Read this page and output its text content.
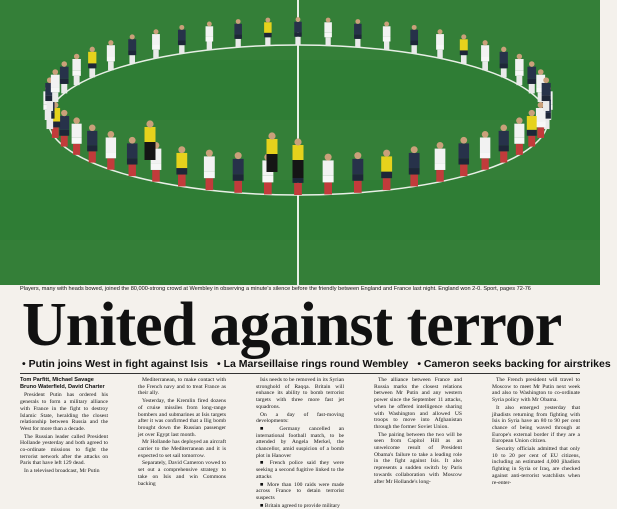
Players, many with heads bowed, joined the 80,000-strong crowd at Wembley in observing a minute's silence before the friendly between England and France last night. England won 2-0. Sport, pages 72-76
United against terror
• Putin joins West in fight against Isis • La Marseillaise rings round Wembley • Cameron seeks backing for airstrikes
Tom Parfitt, Michael Savage
Bruno Waterfield, David Charter

President Putin has ordered his generals to form a military alliance with France in the fight to destroy Islamic State, heralding the closest relationship between Russia and the West for more than a decade.

The Russian leader called President Hollande yesterday and both agreed to co-ordinate missions to fight the terrorist network after the attacks on Paris that have left 129 dead.

In a televised broadcast, Mr Putin

Mediterranean, to make contact with the French navy and to treat France as their ally.

Yesterday, the Kremlin fired dozens of cruise missiles from long-range bombers and submarines at Isis targets after it was confirmed that a Ilig bomb brought down the Russian passenger jet over Egypt last month.

Mr Hollande has deployed an aircraft carrier to the Mediterranean and it is expected to set sail tomorrow.

Separately, David Cameron vowed to set out a comprehensive strategy to take on Isis and win Commons backing

Isis needs to be removed in its Syrian stronghold of Raqqa. Britain will enhance its ability to bomb terrorist targets with three more fast jet squadrons.

On a day of fast-moving developments:

■ Germany cancelled an international football match, to be attended by Angela Merkel, the chancellor, amid suspicion of a bomb plot in Hanover

■ French police said they were seeking a second fugitive linked to the attacks

■ More than 100 raids were made across France to detain terrorist suspects

■ Britain agreed to provide military

The alliance between France and Russia marks the closest relations between Mr Putin and any western power since the September 11 attacks, when he offered intelligence sharing with Washington and allowed US troops to move into Afghanistan through the former Soviet Union.

The pairing between the two will be seen from Capitol Hill as an unwelcome result of President Obama's failure to take a leading role in the fight against Isis. It also represents a sudden switch by Paris towards collaboration with Moscow after Mr Hollande's long-

The French president will travel to Moscow to meet Mr Putin next week and also to Washington to co-ordinate Syria policy with Mr Obama.

It also emerged yesterday that jihadists returning from fighting with Isis in Syria have an 80 to 90 per cent chance of being waved through at Europe's external border if they are a European Union citizen.

Security officials admitted that only 10 to 20 per cent of EU citizens, including an estimated 4,000 jihadists fighting in Syria or Iraq, are checked against anti-terrorist watchlists when re-enter-
